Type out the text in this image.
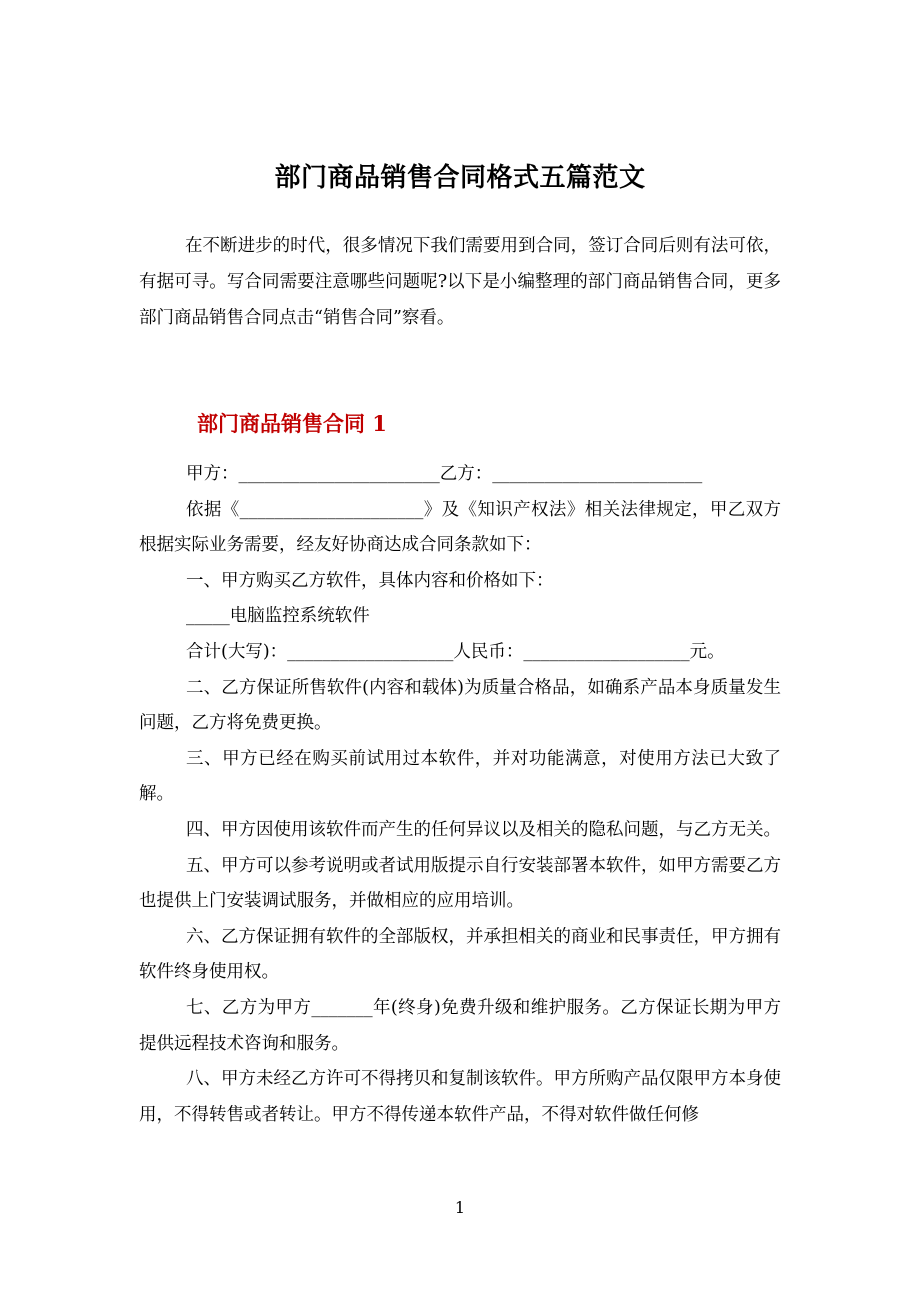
部门商品销售合同格式五篇范文

在不断进步的时代，很多情况下我们需要用到合同，签订合同后则有法可依，有据可寻。写合同需要注意哪些问题呢?以下是小编整理的部门商品销售合同，更多部门商品销售合同点击“销售合同”察看。

部门商品销售合同 1

甲方：_______________________乙方：________________________

依据《_____________________》及《知识产权法》相关法律规定，甲乙双方根据实际业务需要，经友好协商达成合同条款如下：

一、甲方购买乙方软件，具体内容和价格如下：

_____电脑监控系统软件

合计(大写)：___________________人民币：___________________元。

二、乙方保证所售软件(内容和载体)为质量合格品，如确系产品本身质量发生问题，乙方将免费更换。

三、甲方已经在购买前试用过本软件，并对功能满意，对使用方法已大致了解。

四、甲方因使用该软件而产生的任何异议以及相关的隐私问题，与乙方无关。

五、甲方可以参考说明或者试用版提示自行安装部署本软件，如甲方需要乙方也提供上门安装调试服务，并做相应的应用培训。

六、乙方保证拥有软件的全部版权，并承担相关的商业和民事责任，甲方拥有软件终身使用权。

七、乙方为甲方_______年(终身)免费升级和维护服务。乙方保证长期为甲方提供远程技术咨询和服务。

八、甲方未经乙方许可不得拷贝和复制该软件。甲方所购产品仅限甲方本身使用，不得转售或者转让。甲方不得传递本软件产品，不得对软件做任何修

1
